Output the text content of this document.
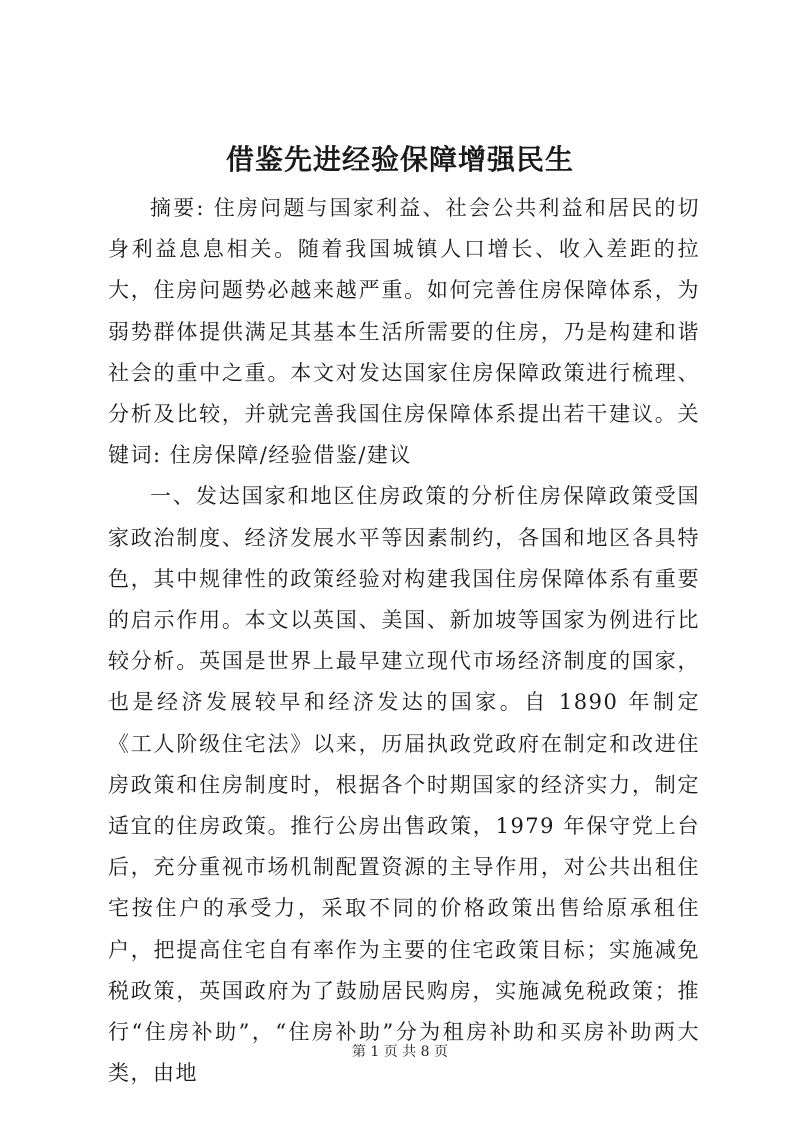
借鉴先进经验保障增强民生

摘要: 住房问题与国家利益、社会公共利益和居民的切身利益息息相关。随着我国城镇人口增长、收入差距的拉大，住房问题势必越来越严重。如何完善住房保障体系，为弱势群体提供满足其基本生活所需要的住房，乃是构建和谐社会的重中之重。本文对发达国家住房保障政策进行梳理、分析及比较，并就完善我国住房保障体系提出若干建议。关键词: 住房保障/经验借鉴/建议

一、发达国家和地区住房政策的分析住房保障政策受国家政治制度、经济发展水平等因素制约，各国和地区各具特色，其中规律性的政策经验对构建我国住房保障体系有重要的启示作用。本文以英国、美国、新加坡等国家为例进行比较分析。英国是世界上最早建立现代市场经济制度的国家，也是经济发展较早和经济发达的国家。自 1890 年制定《工人阶级住宅法》以来，历届执政党政府在制定和改进住房政策和住房制度时，根据各个时期国家的经济实力，制定适宜的住房政策。推行公房出售政策，1979 年保守党上台后，充分重视市场机制配置资源的主导作用，对公共出租住宅按住户的承受力，采取不同的价格政策出售给原承租住户，把提高住宅自有率作为主要的住宅政策目标；实施减免税政策，英国政府为了鼓励居民购房，实施减免税政策；推行“住房补助”，“住房补助”分为租房补助和买房补助两大类，由地

第 1 页 共 8 页
